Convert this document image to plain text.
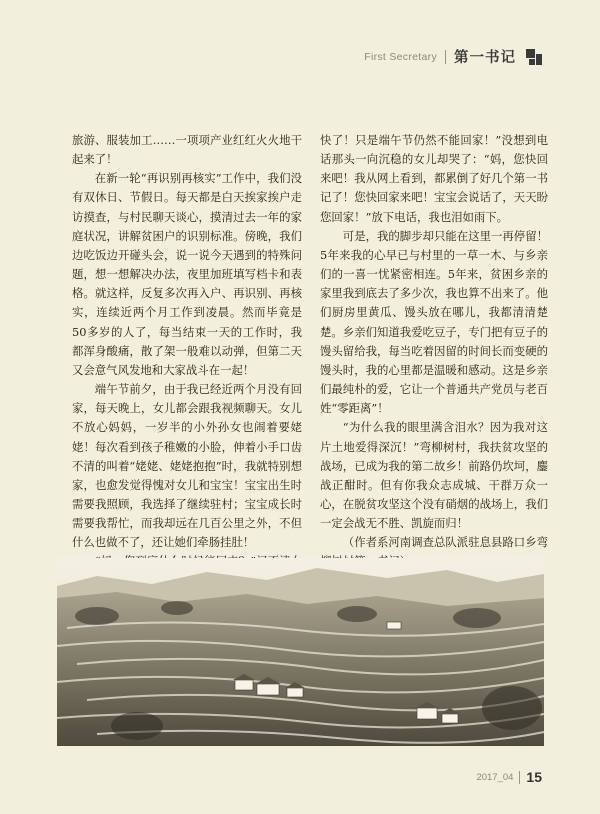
First Secretary 第一书记

旅游、服装加工……一项项产业红红火火地干起来了！

在新一轮“再识别再核实”工作中，我们没有双休日、节假日。每天都是白天挨家挨户走访摸查，与村民聊天谈心，摸清过去一年的家庭状况，讲解贫困户的识别标准。傍晚，我们边吃饭边开碰头会，说一说今天遇到的特殊问题，想一想解决办法，夜里加班填写档卡和表格。就这样，反复多次再入户、再识别、再核实，连续近两个月工作到凌晨。然而毕竟是50多岁的人了，每当结束一天的工作时，我都浑身酸痛，散了架一般难以动弹，但第二天又会意气风发地和大家战斗在一起！

端午节前夕，由于我已经近两个月没有回家，每天晚上，女儿都会跟我视频聊天。女儿不放心妈妈，一岁半的小外孙女也闹着要姥姥！每次看到孩子稚嫩的小脸，伸着小手口齿不清的叫着“姥姥、姥姥抱抱”时，我就特别想家，也愈发觉得愧对女儿和宝宝！宝宝出生时需要我照顾，我选择了继续驻村；宝宝成长时需要我帮忙，而我却远在几百公里之外，不但什么也做不了，还让她们牵肠挂肚！

快了！只是端午节仍然不能回家！”没想到电话那头一向沉稳的女儿却哭了：“妈，您快回来吧！我从网上看到，都累倒了好几个第一书记了！您快回家来吧！宝宝会说话了，天天盼您回家！”放下电话，我也泪如雨下。

可是，我的脚步却只能在这里一再停留！5年来我的心早已与村里的一草一木、与乡亲们的一喜一忧紧密相连。5年来，贫困乡亲的家里我到底去了多少次，我也算不出来了。他们厨房里黄瓜、馒头放在哪儿，我都清清楚楚。乡亲们知道我爱吃豆子，专门把有豆子的馒头留给我，每当吃着因留的时间长而变硬的馒头时，我的心里都是温暖和感动。这是乡亲们最纯朴的爱，它让一个普通共产党员与老百姓“零距离”！

“为什么我的眼里满含泪水？因为我对这片土地爱得深沉！”弯柳树村，我扶贫攻坚的战场，已成为我的第二故乡！前路仍坎坷，鏖战正酣时。但有你我众志成城、干群万众一心，在脱贫攻坚这个没有硝烟的战场上，我们一定会战无不胜、凯旋而归！

（作者系河南调查总队派驻息县路口乡弯

2017_04 15
